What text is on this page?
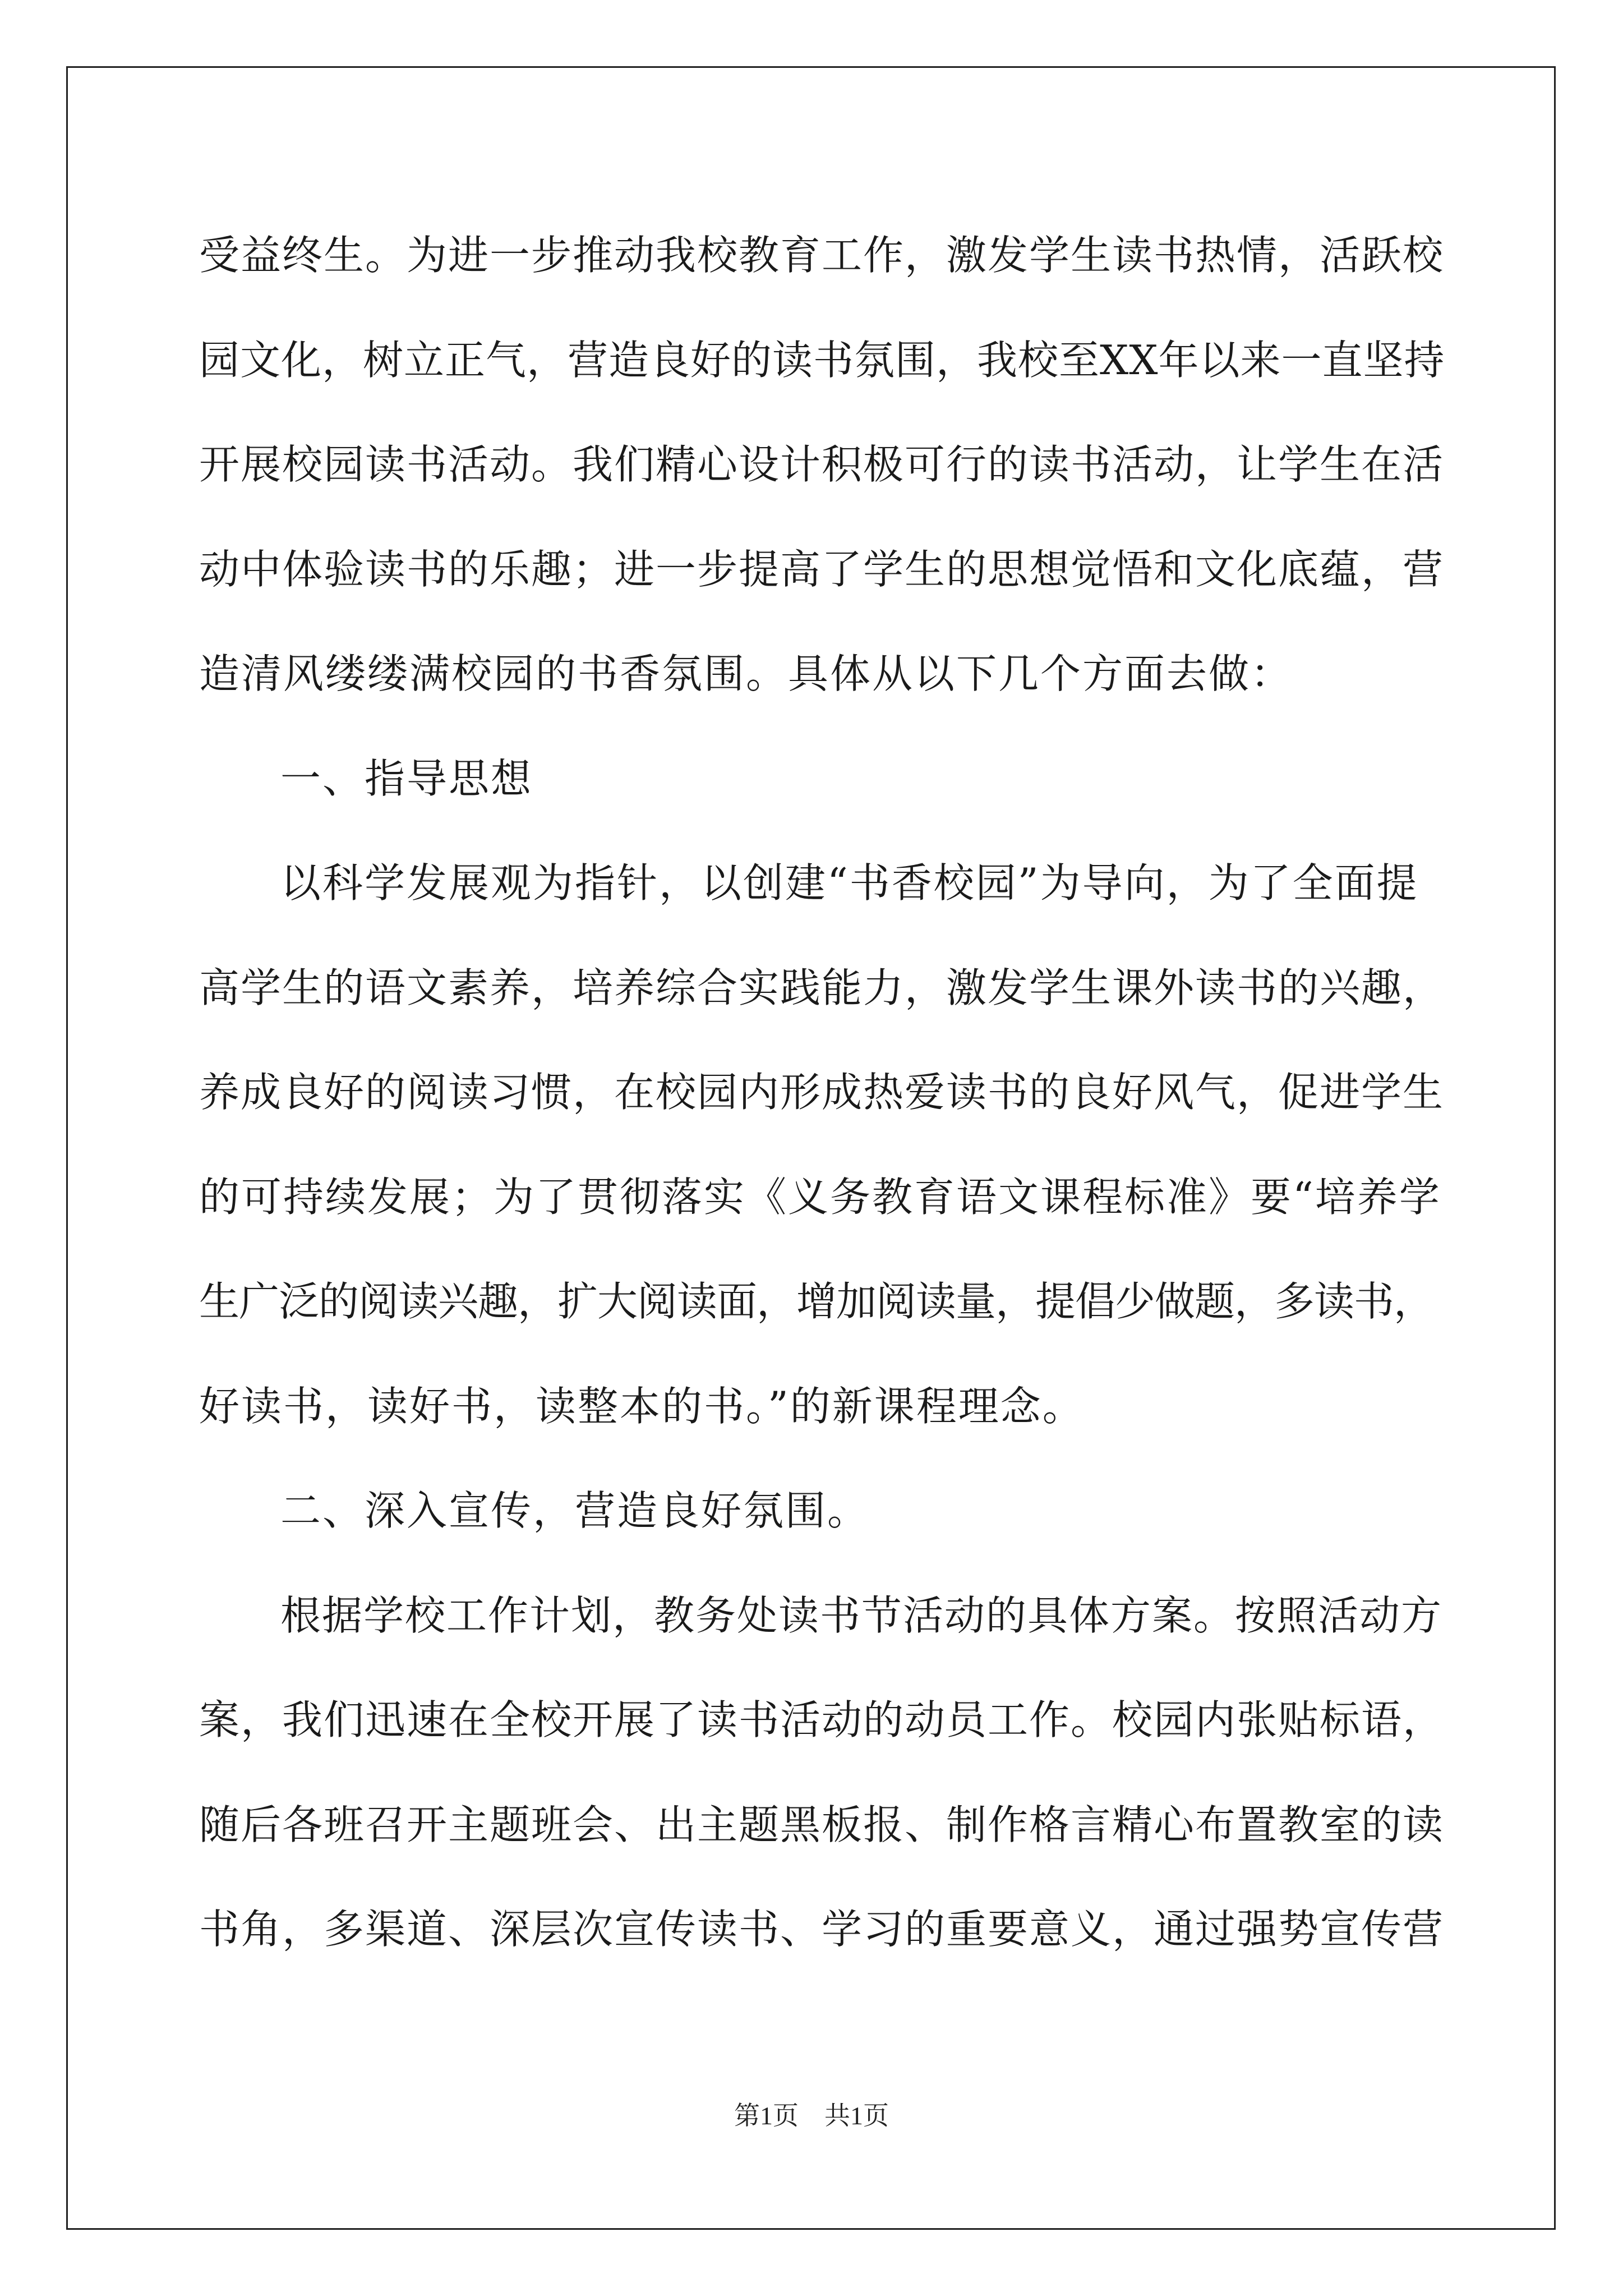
受益终生。为进一步推动我校教育工作，激发学生读书热情，活跃校
园文化，树立正气，营造良好的读书氛围，我校至XX年以来一直坚持
开展校园读书活动。我们精心设计积极可行的读书活动，让学生在活
动中体验读书的乐趣；进一步提高了学生的思想觉悟和文化底蕴，营
造清风缕缕满校园的书香氛围。具体从以下几个方面去做：
一、指导思想
以科学发展观为指针，以创建“书香校园”为导向，为了全面提
高学生的语文素养，培养综合实践能力，激发学生课外读书的兴趣，
养成良好的阅读习惯，在校园内形成热爱读书的良好风气，促进学生
的可持续发展；为了贯彻落实《义务教育语文课程标准》要“培养学
生广泛的阅读兴趣，扩大阅读面，增加阅读量，提倡少做题，多读书，
好读书，读好书，读整本的书。”的新课程理念。
二、深入宣传，营造良好氛围。
根据学校工作计划，教务处读书节活动的具体方案。按照活动方
案，我们迅速在全校开展了读书活动的动员工作。校园内张贴标语，
随后各班召开主题班会、出主题黑板报、制作格言精心布置教室的读
书角，多渠道、深层次宣传读书、学习的重要意义，通过强势宣传营
第1页　共1页
